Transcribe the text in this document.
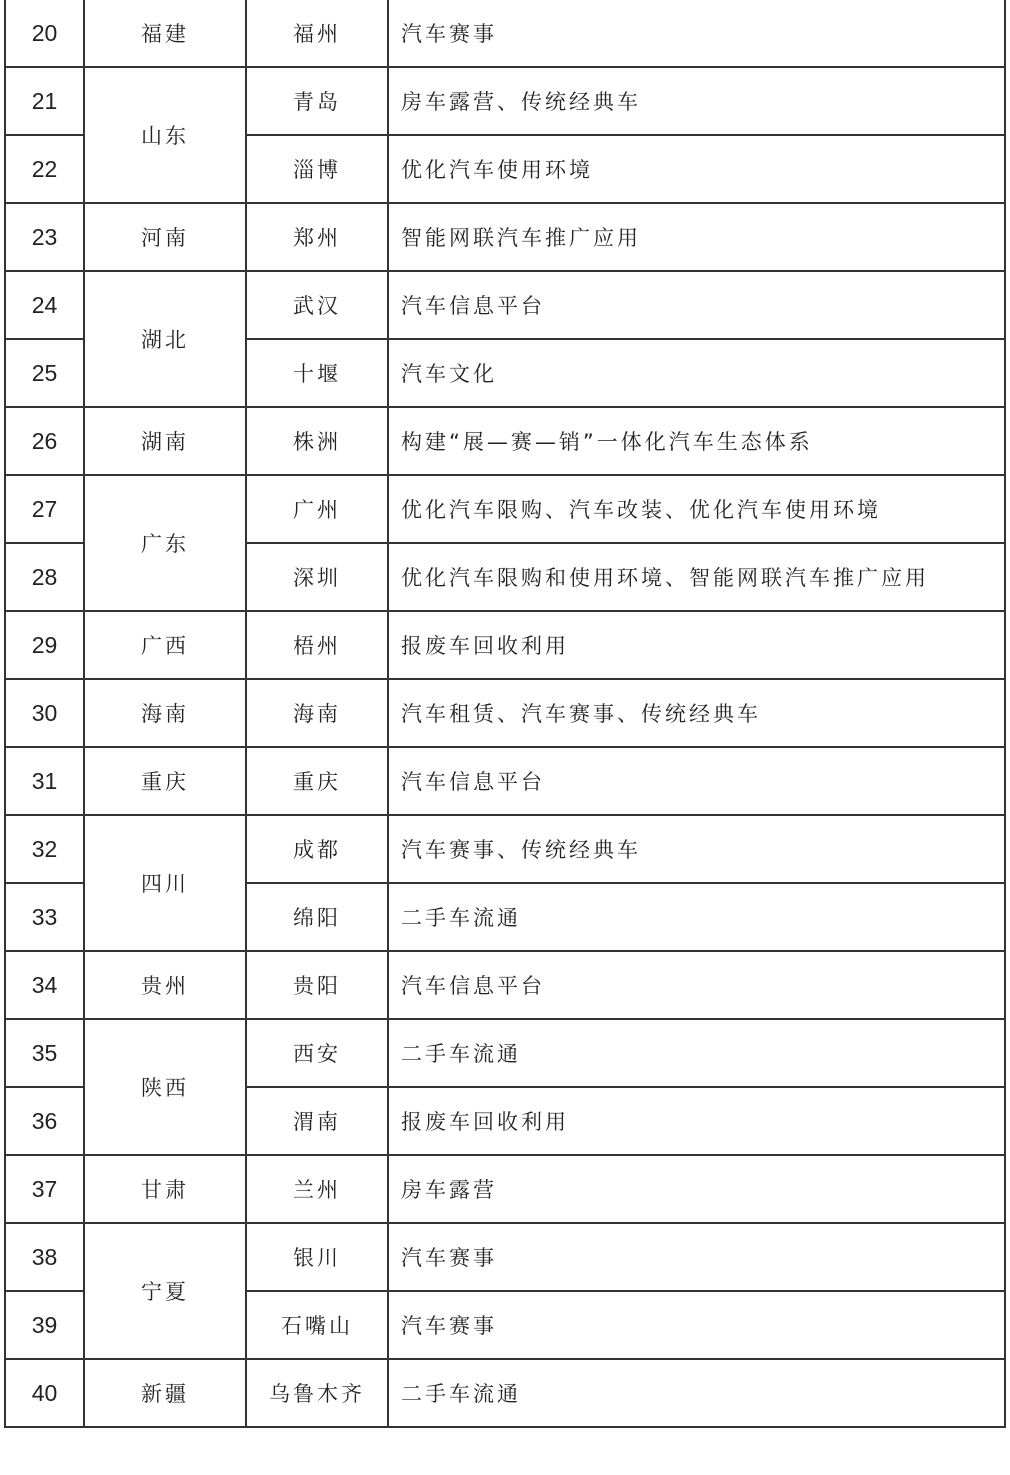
20	福建	福州	汽车赛事
21	山东	青岛	房车露营、传统经典车
22		淄博	优化汽车使用环境
23	河南	郑州	智能网联汽车推广应用
24	湖北	武汉	汽车信息平台
25		十堰	汽车文化
26	湖南	株洲	构建“展—赛—销”一体化汽车生态体系
27	广东	广州	优化汽车限购、汽车改装、优化汽车使用环境
28		深圳	优化汽车限购和使用环境、智能网联汽车推广应用
29	广西	梧州	报废车回收利用
30	海南	海南	汽车租赁、汽车赛事、传统经典车
31	重庆	重庆	汽车信息平台
32	四川	成都	汽车赛事、传统经典车
33		绵阳	二手车流通
34	贵州	贵阳	汽车信息平台
35	陕西	西安	二手车流通
36		渭南	报废车回收利用
37	甘肃	兰州	房车露营
38	宁夏	银川	汽车赛事
39		石嘴山	汽车赛事
40	新疆	乌鲁木齐	二手车流通
